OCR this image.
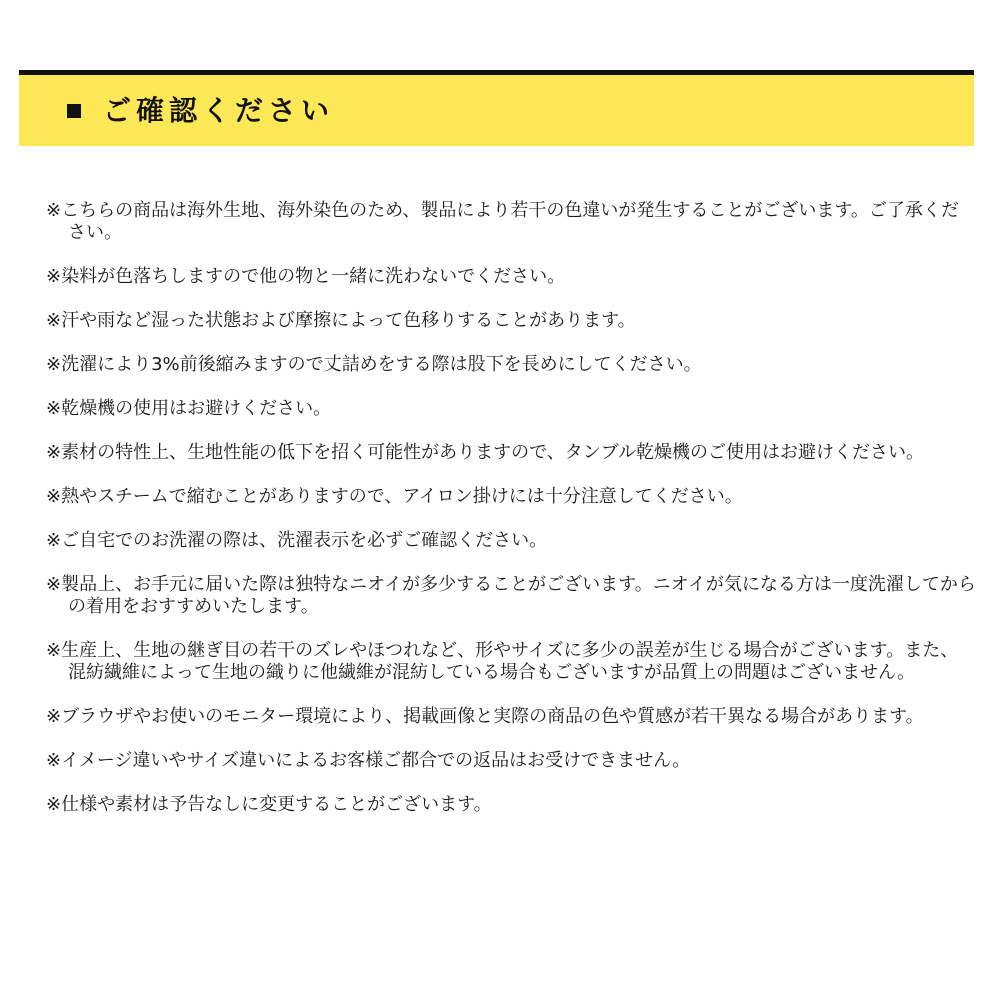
ご確認ください
※こちらの商品は海外生地、海外染色のため、製品により若干の色違いが発生することがございます。ご了承ください。
※染料が色落ちしますので他の物と一緒に洗わないでください。
※汗や雨など湿った状態および摩擦によって色移りすることがあります。
※洗濯により3%前後縮みますので丈詰めをする際は股下を長めにしてください。
※乾燥機の使用はお避けください。
※素材の特性上、生地性能の低下を招く可能性がありますので、タンブル乾燥機のご使用はお避けください。
※熱やスチームで縮むことがありますので、アイロン掛けには十分注意してください。
※ご自宅でのお洗濯の際は、洗濯表示を必ずご確認ください。
※製品上、お手元に届いた際は独特なニオイが多少することがございます。ニオイが気になる方は一度洗濯してからの着用をおすすめいたします。
※生産上、生地の継ぎ目の若干のズレやほつれなど、形やサイズに多少の誤差が生じる場合がございます。また、混紡繊維によって生地の織りに他繊維が混紡している場合もございますが品質上の問題はございません。
※ブラウザやお使いのモニター環境により、掲載画像と実際の商品の色や質感が若干異なる場合があります。
※イメージ違いやサイズ違いによるお客様ご都合での返品はお受けできません。
※仕様や素材は予告なしに変更することがございます。
